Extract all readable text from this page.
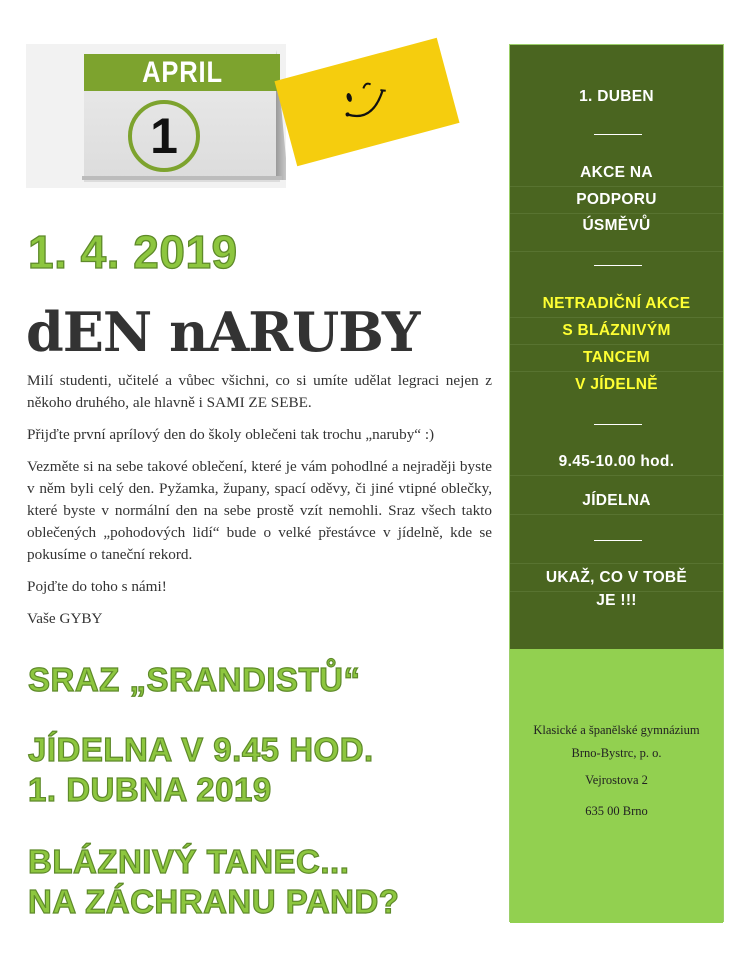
APRIL
1
1. 4. 2019
dEN nARUBY

Milí studenti, učitelé a vůbec všichni, co si umíte udělat legraci nejen z někoho druhého, ale hlavně i SAMI ZE SEBE.

Přijďte první aprílový den do školy oblečeni tak trochu „naruby“ :)

Vezměte si na sebe takové oblečení, které je vám pohodlné a nejraději byste v něm byli celý den. Pyžamka, župany, spací oděvy, či jiné vtipné oblečky, které byste v normální den na sebe prostě vzít nemohli. Sraz všech takto oblečených „pohodových lidí“ bude o velké přestávce v jídelně, kde se pokusíme o taneční rekord.

Pojďte do toho s námi!

Vaše GYBY

SRAZ „SRANDISTŮ“
JÍDELNA V 9.45 HOD.
1. DUBNA 2019
BLÁZNIVÝ TANEC...
NA ZÁCHRANU PAND?
1. DUBEN
AKCE NA
PODPORU
ÚSMĚVŮ
NETRADIČNÍ AKCE
S BLÁZNIVÝM
TANCEM
V JÍDELNĚ
9.45-10.00 hod.
JÍDELNA
UKAŽ, CO V TOBĚ
JE !!!
Klasické a španělské gymnázium
Brno-Bystrc, p. o.
Vejrostova 2
635 00 Brno
